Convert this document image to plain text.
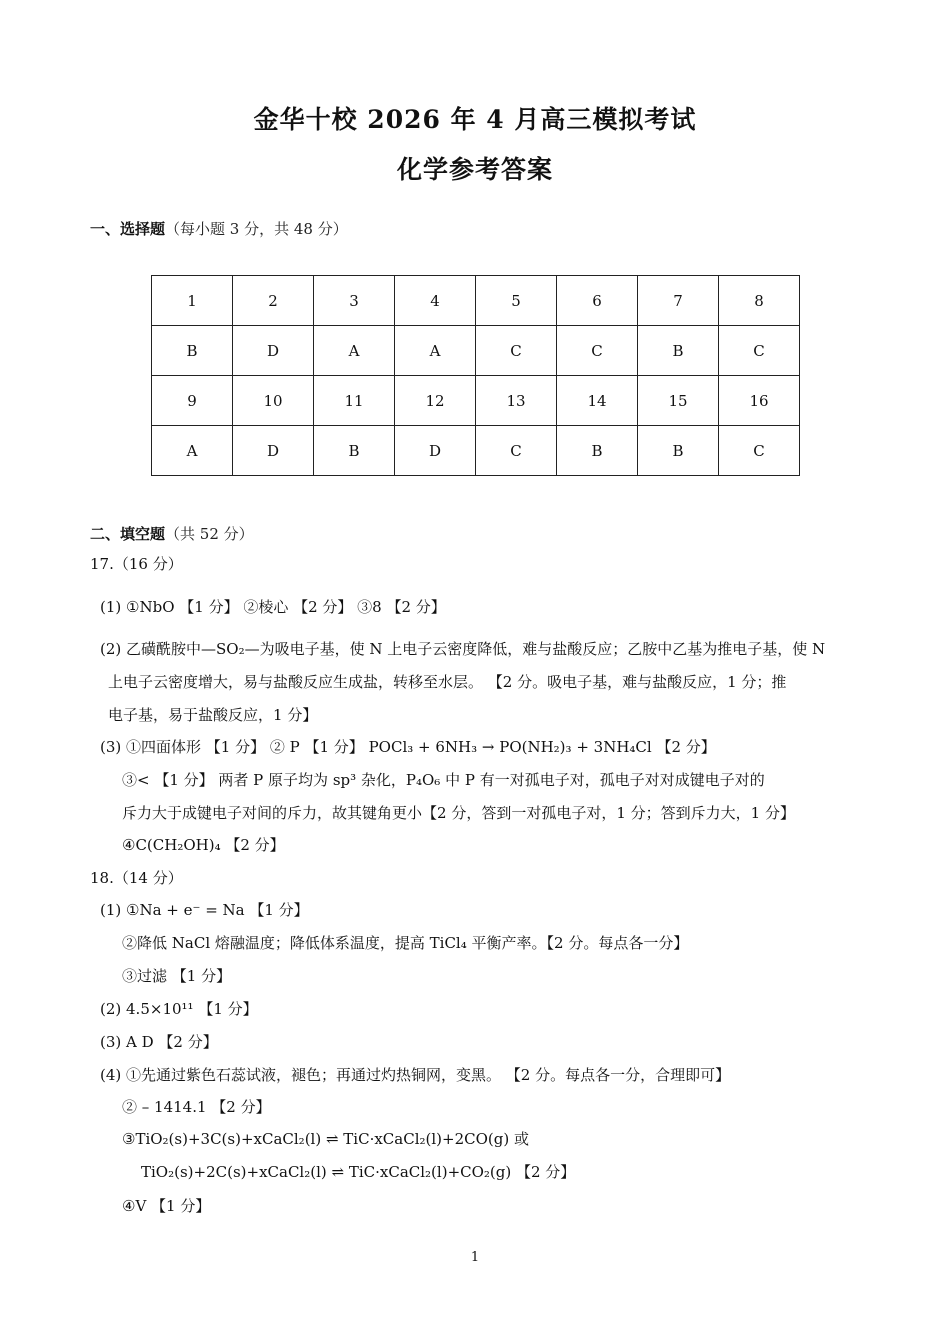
金华十校 2026 年 4 月高三模拟考试
化学参考答案
一、选择题（每小题 3 分，共 48 分）
1	2	3	4	5	6	7	8
B	D	A	A	C	C	B	C
9	10	11	12	13	14	15	16
A	D	B	D	C	B	B	C
二、填空题（共 52 分）
17.（16 分）
(1) ①NbO 【1 分】 ②棱心 【2 分】 ③8 【2 分】
(2) 乙磺酰胺中—SO₂—为吸电子基，使 N 上电子云密度降低，难与盐酸反应；乙胺中乙基为推电子基，使 N
上电子云密度增大，易与盐酸反应生成盐，转移至水层。 【2 分。吸电子基，难与盐酸反应，1 分；推
电子基，易于盐酸反应，1 分】
(3) ①四面体形 【1 分】 ② P 【1 分】 POCl₃ + 6NH₃ → PO(NH₂)₃ + 3NH₄Cl 【2 分】
③< 【1 分】 两者 P 原子均为 sp³ 杂化，P₄O₆ 中 P 有一对孤电子对，孤电子对对成键电子对的
斥力大于成键电子对间的斥力，故其键角更小【2 分，答到一对孤电子对，1 分；答到斥力大，1 分】
④C(CH₂OH)₄ 【2 分】
18.（14 分）
(1) ①Na + e⁻ = Na 【1 分】
②降低 NaCl 熔融温度；降低体系温度，提高 TiCl₄ 平衡产率。【2 分。每点各一分】
③过滤 【1 分】
(2) 4.5×10¹¹ 【1 分】
(3) A D 【2 分】
(4) ①先通过紫色石蕊试液，褪色；再通过灼热铜网，变黑。 【2 分。每点各一分，合理即可】
② – 1414.1 【2 分】
③TiO₂(s)+3C(s)+xCaCl₂(l) ⇌ TiC·xCaCl₂(l)+2CO(g) 或
TiO₂(s)+2C(s)+xCaCl₂(l) ⇌ TiC·xCaCl₂(l)+CO₂(g) 【2 分】
④V 【1 分】
1
